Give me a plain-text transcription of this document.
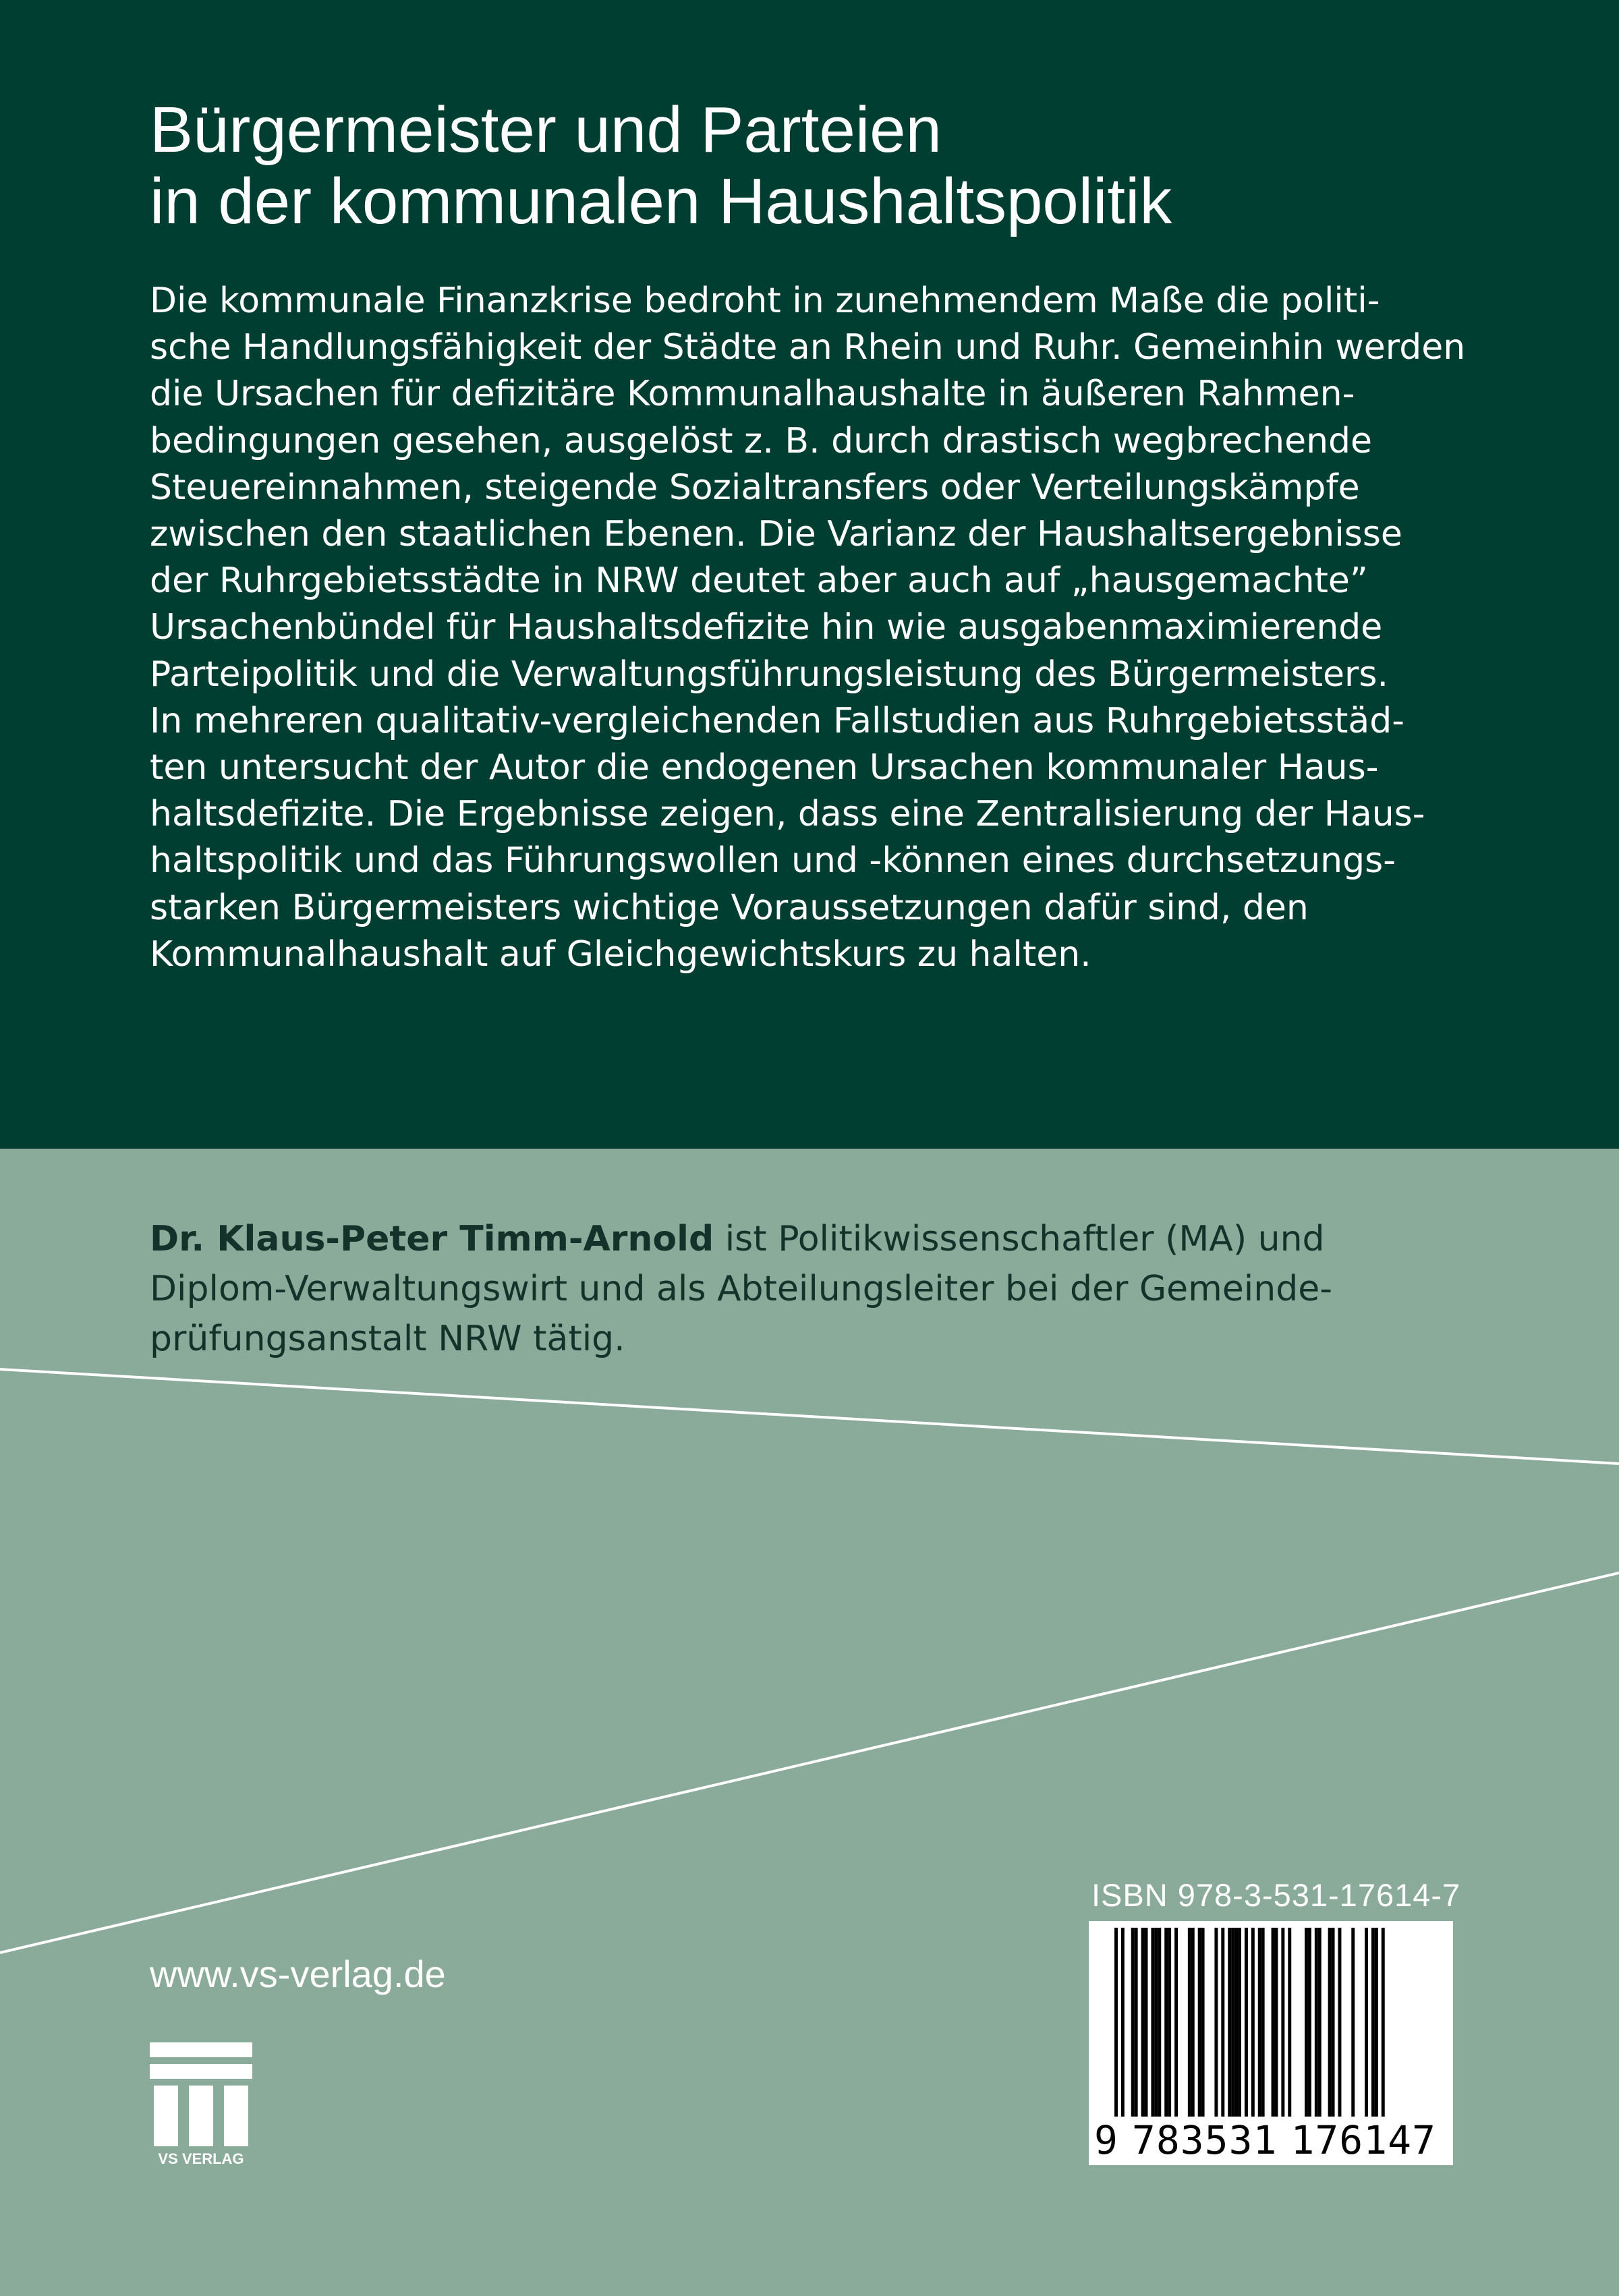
Bürgermeister und Parteien
in der kommunalen Haushaltspolitik
Die kommunale Finanzkrise bedroht in zunehmendem Maße die politi-
sche Handlungsfähigkeit der Städte an Rhein und Ruhr. Gemeinhin werden
die Ursachen für defizitäre Kommunalhaushalte in äußeren Rahmen-
bedingungen gesehen, ausgelöst z. B. durch drastisch wegbrechende
Steuereinnahmen, steigende Sozialtransfers oder Verteilungskämpfe
zwischen den staatlichen Ebenen. Die Varianz der Haushaltsergebnisse
der Ruhrgebietsstädte in NRW deutet aber auch auf „hausgemachte”
Ursachenbündel für Haushaltsdefizite hin wie ausgabenmaximierende
Parteipolitik und die Verwaltungsführungsleistung des Bürgermeisters.
In mehreren qualitativ-vergleichenden Fallstudien aus Ruhrgebietsstäd-
ten untersucht der Autor die endogenen Ursachen kommunaler Haus-
haltsdefizite. Die Ergebnisse zeigen, dass eine Zentralisierung der Haus-
haltspolitik und das Führungswollen und -können eines durchsetzungs-
starken Bürgermeisters wichtige Voraussetzungen dafür sind, den
Kommunalhaushalt auf Gleichgewichtskurs zu halten.
Dr. Klaus-Peter Timm-Arnold ist Politikwissenschaftler (MA) und
Diplom-Verwaltungswirt und als Abteilungsleiter bei der Gemeinde-
prüfungsanstalt NRW tätig.
ISBN 978-3-531-17614-7
9 783531 176147
www.vs-verlag.de
VS VERLAG
